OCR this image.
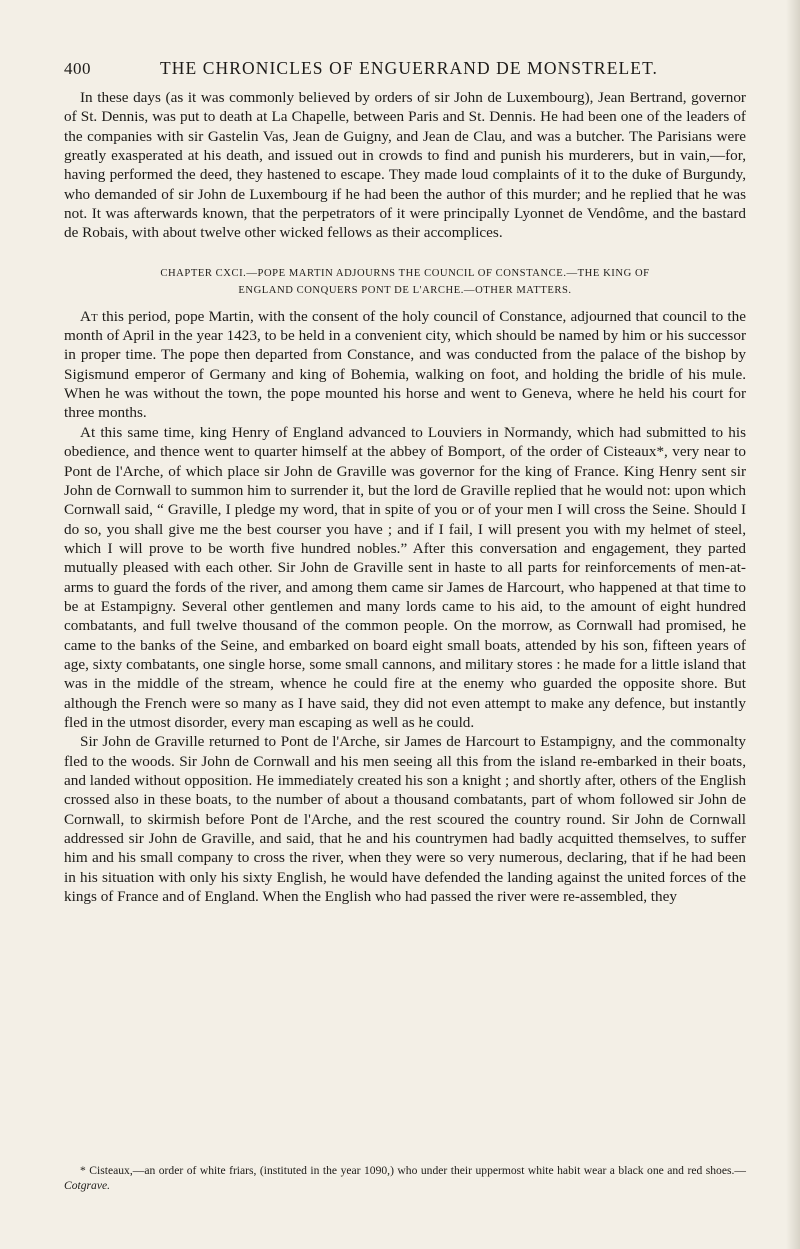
400	THE CHRONICLES OF ENGUERRAND DE MONSTRELET.

In these days (as it was commonly believed by orders of sir John de Luxembourg), Jean Bertrand, governor of St. Dennis, was put to death at La Chapelle, between Paris and St. Dennis. He had been one of the leaders of the companies with sir Gastelin Vas, Jean de Guigny, and Jean de Clau, and was a butcher. The Parisians were greatly exasperated at his death, and issued out in crowds to find and punish his murderers, but in vain,—for, having performed the deed, they hastened to escape. They made loud complaints of it to the duke of Burgundy, who demanded of sir John de Luxembourg if he had been the author of this murder; and he replied that he was not. It was afterwards known, that the perpetrators of it were principally Lyonnet de Vendôme, and the bastard de Robais, with about twelve other wicked fellows as their accomplices.

CHAPTER CXCI.—POPE MARTIN ADJOURNS THE COUNCIL OF CONSTANCE.—THE KING OF
ENGLAND CONQUERS PONT DE L'ARCHE.—OTHER MATTERS.

At this period, pope Martin, with the consent of the holy council of Constance, adjourned that council to the month of April in the year 1423, to be held in a convenient city, which should be named by him or his successor in proper time. The pope then departed from Constance, and was conducted from the palace of the bishop by Sigismund emperor of Germany and king of Bohemia, walking on foot, and holding the bridle of his mule. When he was without the town, the pope mounted his horse and went to Geneva, where he held his court for three months.

At this same time, king Henry of England advanced to Louviers in Normandy, which had submitted to his obedience, and thence went to quarter himself at the abbey of Bomport, of the order of Cisteaux*, very near to Pont de l'Arche, of which place sir John de Graville was governor for the king of France. King Henry sent sir John de Cornwall to summon him to surrender it, but the lord de Graville replied that he would not: upon which Cornwall said, “ Graville, I pledge my word, that in spite of you or of your men I will cross the Seine. Should I do so, you shall give me the best courser you have ; and if I fail, I will present you with my helmet of steel, which I will prove to be worth five hundred nobles.” After this conversation and engagement, they parted mutually pleased with each other. Sir John de Graville sent in haste to all parts for reinforcements of men-at-arms to guard the fords of the river, and among them came sir James de Harcourt, who happened at that time to be at Estampigny. Several other gentlemen and many lords came to his aid, to the amount of eight hundred combatants, and full twelve thousand of the common people. On the morrow, as Cornwall had promised, he came to the banks of the Seine, and embarked on board eight small boats, attended by his son, fifteen years of age, sixty combatants, one single horse, some small cannons, and military stores : he made for a little island that was in the middle of the stream, whence he could fire at the enemy who guarded the opposite shore. But although the French were so many as I have said, they did not even attempt to make any defence, but instantly fled in the utmost disorder, every man escaping as well as he could.

Sir John de Graville returned to Pont de l'Arche, sir James de Harcourt to Estampigny, and the commonalty fled to the woods. Sir John de Cornwall and his men seeing all this from the island re-embarked in their boats, and landed without opposition. He immediately created his son a knight ; and shortly after, others of the English crossed also in these boats, to the number of about a thousand combatants, part of whom followed sir John de Cornwall, to skirmish before Pont de l'Arche, and the rest scoured the country round. Sir John de Cornwall addressed sir John de Graville, and said, that he and his countrymen had badly acquitted themselves, to suffer him and his small company to cross the river, when they were so very numerous, declaring, that if he had been in his situation with only his sixty English, he would have defended the landing against the united forces of the kings of France and of England. When the English who had passed the river were re-assembled, they

* Cisteaux,—an order of white friars, (instituted in the year 1090,) who under their uppermost white habit wear a black one and red shoes.—Cotgrave.
